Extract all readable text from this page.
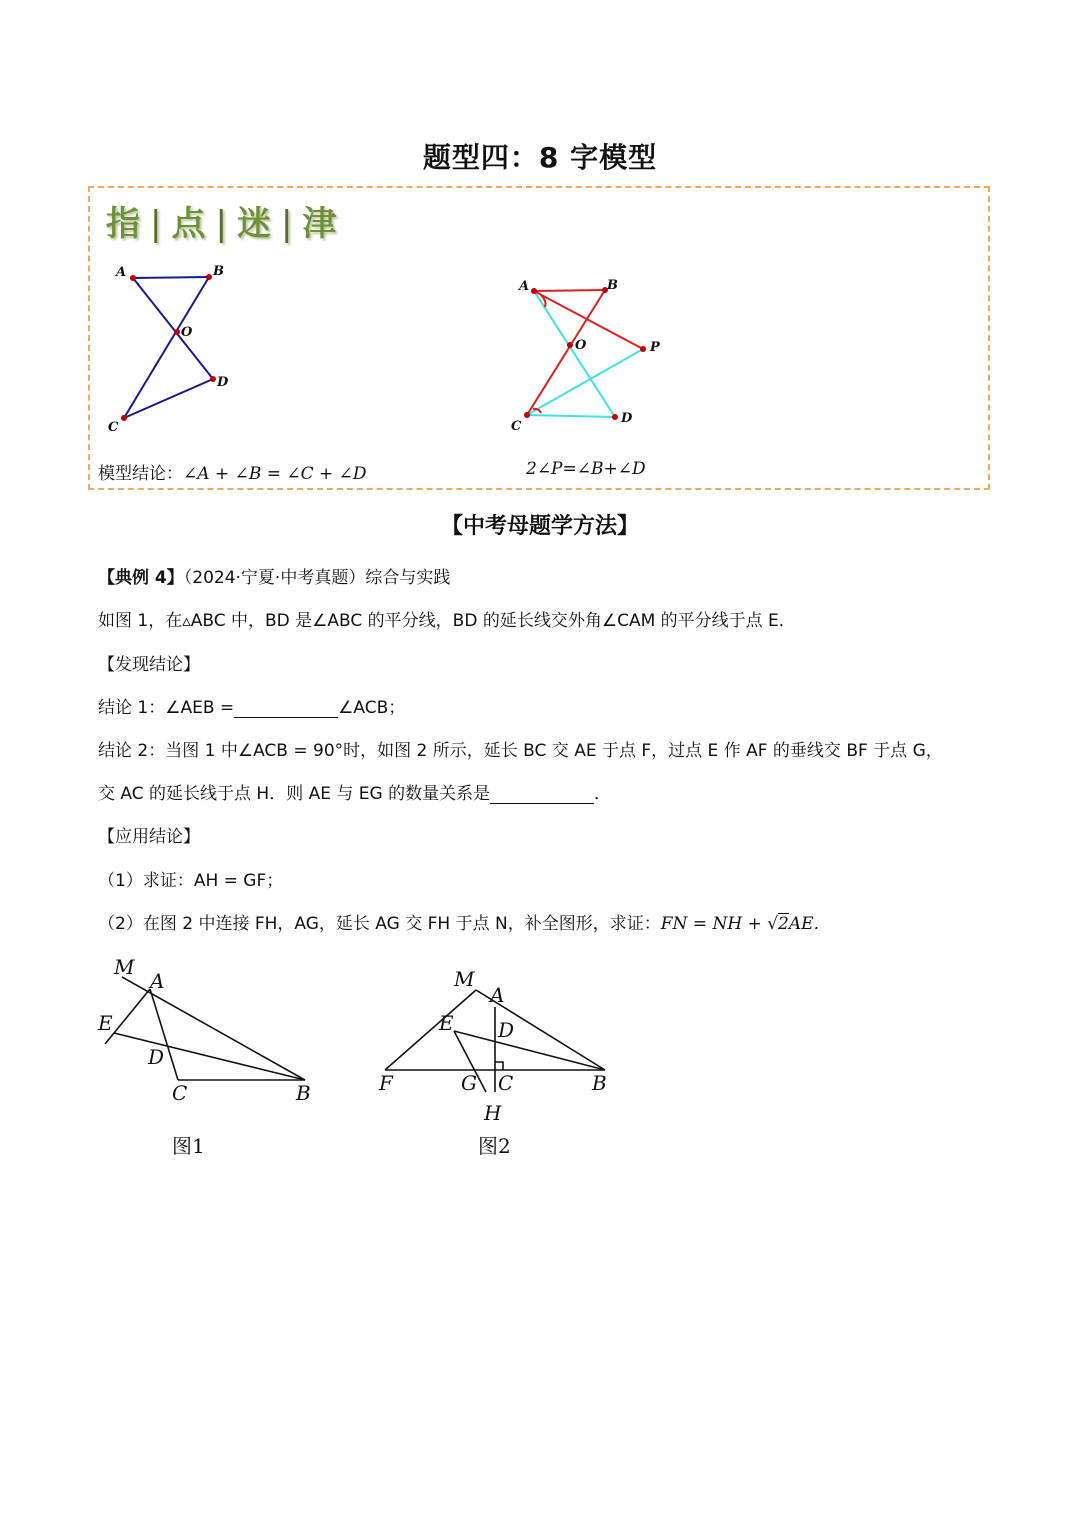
题型四：8 字模型
指 | 点 | 迷 | 津
A	B
O
D
C
A	B
O	P
C
D
模型结论：∠A + ∠B = ∠C + ∠D	2∠P=∠B+∠D
【中考母题学方法】
【典例 4】（2024·宁夏·中考真题）综合与实践
如图 1，在▵ABC 中，BD 是∠ABC 的平分线，BD 的延长线交外角∠CAM 的平分线于点 E．
【发现结论】
结论 1：∠AEB =	∠ACB；
结论 2：当图 1 中∠ACB = 90°时，如图 2 所示，延长 BC 交 AE 于点 F，过点 E 作 AF 的垂线交 BF 于点 G，
交 AC 的延长线于点 H．则 AE 与 EG 的数量关系是	．
【应用结论】
（1）求证：AH = GF；
（2）在图 2 中连接 FH，AG，延长 AG 交 FH 于点 N，补全图形，求证：FN = NH + √2AE．
M
A
E
D
C	B
图1
M
A
E D
F	G C	B
H
图2
